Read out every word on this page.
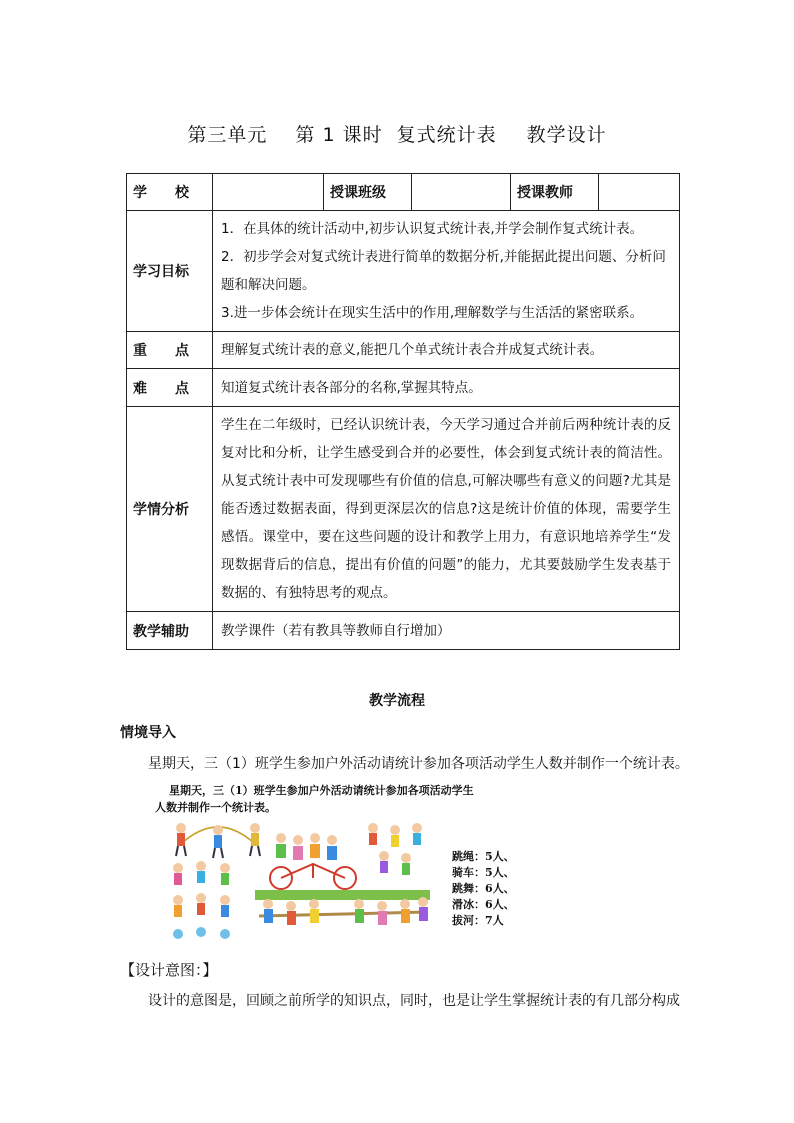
第三单元 第 1 课时 复式统计表 教学设计
学　　校		授课班级		授课教师	
学习目标	1．在具体的统计活动中,初步认识复式统计表,并学会制作复式统计表。

2．初步学会对复式统计表进行简单的数据分析,并能据此提出问题、分析问题和解决问题。

3.进一步体会统计在现实生活中的作用,理解数学与生活活的紧密联系。				

重　　点	理解复式统计表的意义,能把几个单式统计表合并成复式统计表。				
难　　点	知道复式统计表各部分的名称,掌握其特点。				
学情分析	学生在二年级时，已经认识统计表，今天学习通过合并前后两种统计表的反复对比和分析，让学生感受到合并的必要性，体会到复式统计表的简洁性。从复式统计表中可发现哪些有价值的信息,可解决哪些有意义的问题?尤其是能否透过数据表面，得到更深层次的信息?这是统计价值的体现，需要学生感悟。课堂中，要在这些问题的设计和教学上用力，有意识地培养学生“发现数据背后的信息，提出有价值的问题”的能力，尤其要鼓励学生发表基于数据的、有独特思考的观点。				
教学辅助	教学课件（若有教具等教师自行增加）				
教学流程
情境导入
星期天，三（1）班学生参加户外活动请统计参加各项活动学生人数并制作一个统计表。
星期天，三（1）班学生参加户外活动请统计参加各项活动学生
人数并制作一个统计表。
跳绳：5人、
骑车：5人、
跳舞：6人、
滑冰：6人、
拔河：7人
【设计意图：】
设计的意图是，回顾之前所学的知识点，同时，也是让学生掌握统计表的有几部分构成
